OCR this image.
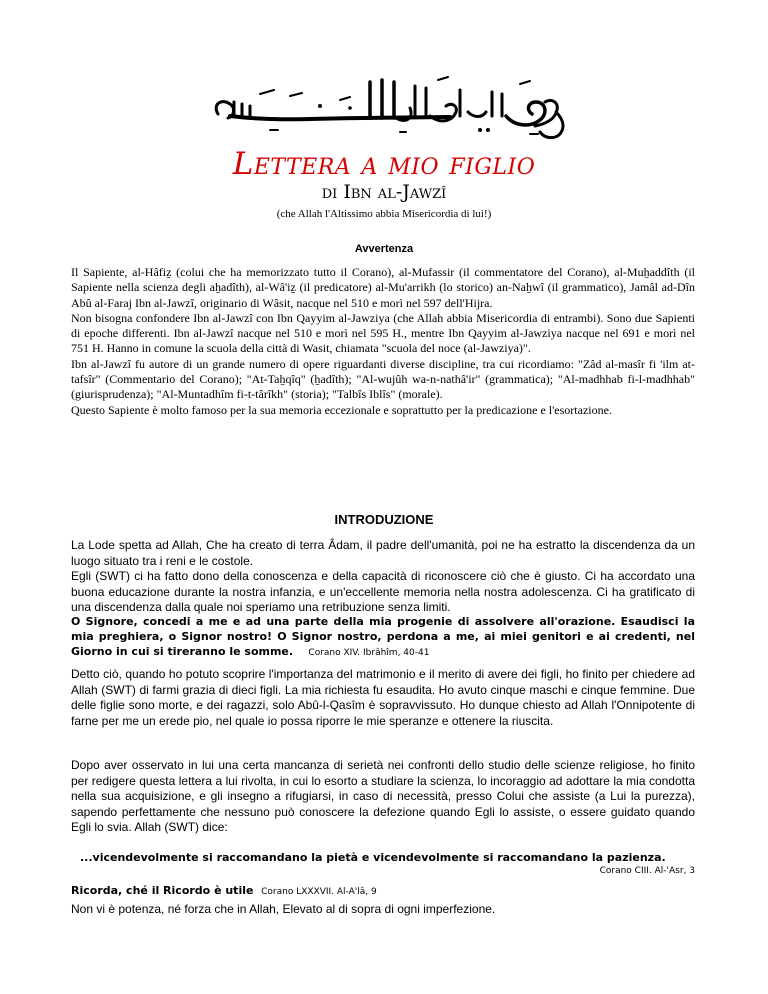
Lettera a mio figlio
di Ibn al-Jawzî
(che Allah l'Altissimo abbia Misericordia di lui!)
Avvertenza

Il Sapiente, al-Hâfiẕ (colui che ha memorizzato tutto il Corano), al-Mufassir (il commentatore del Corano), al-Muẖaddîth (il Sapiente nella scienza degli aẖadîth), al-Wâ'iẕ (il predicatore) al-Mu'arrikh (lo storico) an-Naẖwî (il grammatico), Jamâl ad-Dîn Abû al-Faraj Ibn al-Jawzî, originario di Wâsit, nacque nel 510 e morì nel 597 dell'Hijra.

Non bisogna confondere Ibn al-Jawzî con Ibn Qayyim al-Jawziya (che Allah abbia Misericordia di entrambi). Sono due Sapienti di epoche differenti. Ibn al-Jawzî nacque nel 510 e morì nel 595 H., mentre Ibn Qayyim al-Jawziya nacque nel 691 e morì nel 751 H. Hanno in comune la scuola della città di Wasit, chiamata "scuola del noce (al-Jawziya)".

Ibn al-Jawzî fu autore di un grande numero di opere riguardanti diverse discipline, tra cui ricordiamo: "Zâd al-masîr fi 'ilm at-tafsîr" (Commentario del Corano); "At-Taẖqîq" (ẖadîth); "Al-wujûh wa-n-nathâ'ir" (grammatica); "Al-madhhab fi-l-madhhab" (giurisprudenza); "Al-Muntadhîm fi-t-târîkh" (storia); "Talbîs Iblîs" (morale).

Questo Sapiente è molto famoso per la sua memoria eccezionale e soprattutto per la predicazione e l'esortazione.

INTRODUZIONE

La Lode spetta ad Allah, Che ha creato di terra Âdam, il padre dell'umanità, poi ne ha estratto la discendenza da un luogo situato tra i reni e le costole.

Egli (SWT) ci ha fatto dono della conoscenza e della capacità di riconoscere ciò che è giusto. Ci ha accordato una buona educazione durante la nostra infanzia, e un'eccellente memoria nella nostra adolescenza. Ci ha gratificato di una discendenza dalla quale noi speriamo una retribuzione senza limiti.

O Signore, concedi a me e ad una parte della mia progenie di assolvere all'orazione. Esaudisci la mia preghiera, o Signor nostro! O Signor nostro, perdona a me, ai miei genitori e ai credenti, nel Giorno in cui si tireranno le somme. Corano XIV. Ibrâhîm, 40-41

Detto ciò, quando ho potuto scoprire l'importanza del matrimonio e il merito di avere dei figli, ho finito per chiedere ad Allah (SWT) di farmi grazia di dieci figli. La mia richiesta fu esaudita. Ho avuto cinque maschi e cinque femmine. Due delle figlie sono morte, e dei ragazzi, solo Abû-l-Qasîm è sopravvissuto. Ho dunque chiesto ad Allah l'Onnipotente di farne per me un erede pio, nel quale io possa riporre le mie speranze e ottenere la riuscita.

Dopo aver osservato in lui una certa mancanza di serietà nei confronti dello studio delle scienze religiose, ho finito per redigere questa lettera a lui rivolta, in cui lo esorto a studiare la scienza, lo incoraggio ad adottare la mia condotta nella sua acquisizione, e gli insegno a rifugiarsi, in caso di necessità, presso Colui che assiste (a Lui la purezza), sapendo perfettamente che nessuno può conoscere la defezione quando Egli lo assiste, o essere guidato quando Egli lo svia. Allah (SWT) dice:

...vicendevolmente si raccomandano la pietà e vicendevolmente si raccomandano la pazienza.
Corano CIII. Al-'Asr, 3
Ricorda, ché il Ricordo è utile Corano LXXXVII. Al-A'lâ, 9
Non vi è potenza, né forza che in Allah, Elevato al di sopra di ogni imperfezione.
